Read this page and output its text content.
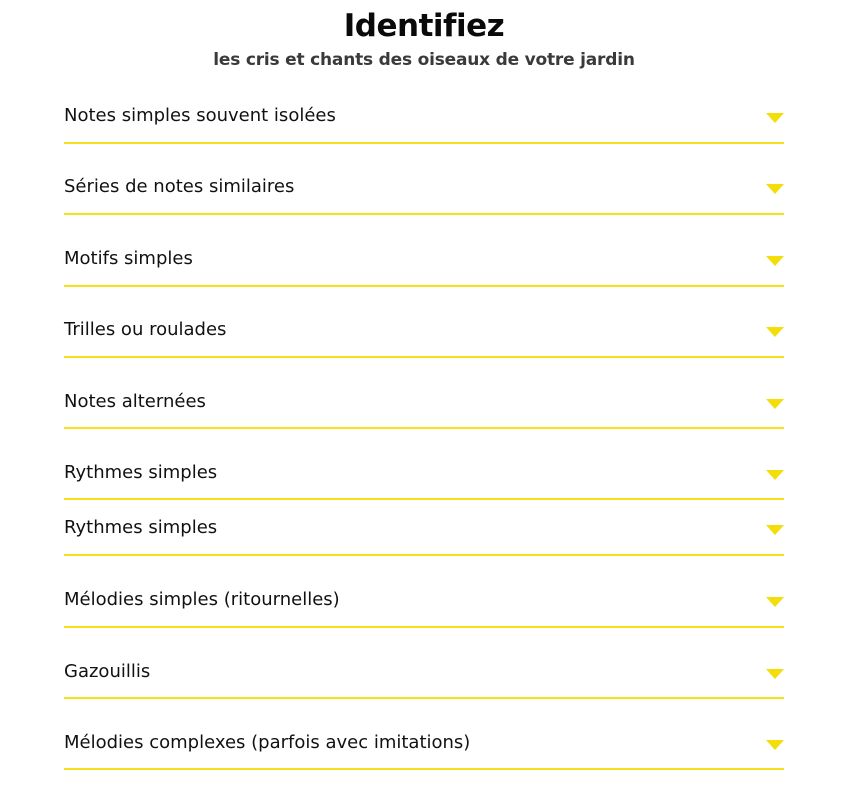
Identifiez
les cris et chants des oiseaux de votre jardin
Notes simples souvent isolées
Séries de notes similaires
Motifs simples
Trilles ou roulades
Notes alternées
Rythmes simples
Rythmes simples
Mélodies simples (ritournelles)
Gazouillis
Mélodies complexes (parfois avec imitations)
